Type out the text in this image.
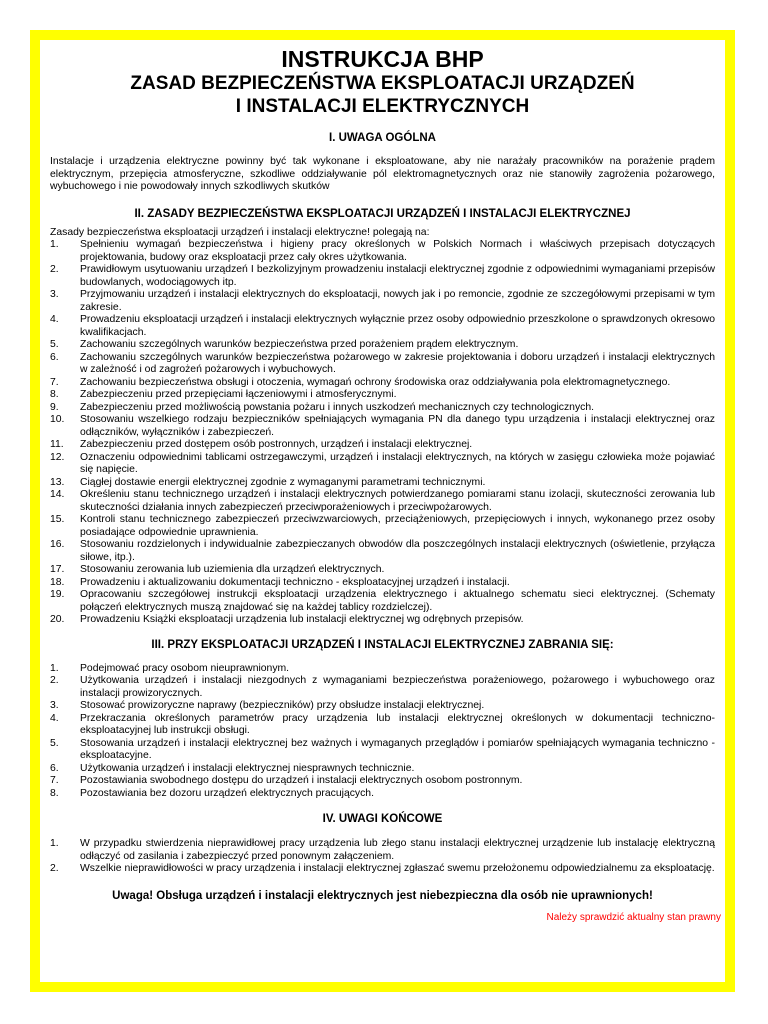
INSTRUKCJA BHP
ZASAD BEZPIECZEŃSTWA EKSPLOATACJI URZĄDZEŃ
I INSTALACJI ELEKTRYCZNYCH
I. UWAGA OGÓLNA
Instalacje i urządzenia elektryczne powinny być tak wykonane i eksploatowane, aby nie narażały pracowników na porażenie prądem elektrycznym, przepięcia atmosferyczne, szkodliwe oddziaływanie pól elektromagnetycznych oraz nie stanowiły zagrożenia pożarowego, wybuchowego i nie powodowały innych szkodliwych skutków
II. ZASADY BEZPIECZEŃSTWA EKSPLOATACJI URZĄDZEŃ I INSTALACJI ELEKTRYCZNEJ
Zasady bezpieczeństwa eksploatacji urządzeń i instalacji elektryczne! polegają na:
1. Spełnieniu wymagań bezpieczeństwa i higieny pracy określonych w Polskich Normach i właściwych przepisach dotyczących projektowania, budowy oraz eksploatacji przez cały okres użytkowania.
2. Prawidłowym usytuowaniu urządzeń I bezkolizyjnym prowadzeniu instalacji elektrycznej zgodnie z odpowiednimi wymaganiami przepisów budowlanych, wodociągowych itp.
3. Przyjmowaniu urządzeń i instalacji elektrycznych do eksploatacji, nowych jak i po remoncie, zgodnie ze szczegółowymi przepisami w tym zakresie.
4. Prowadzeniu eksploatacji urządzeń i instalacji elektrycznych wyłącznie przez osoby odpowiednio przeszkolone o sprawdzonych okresowo kwalifikacjach.
5. Zachowaniu szczególnych warunków bezpieczeństwa przed porażeniem prądem elektrycznym.
6. Zachowaniu szczególnych warunków bezpieczeństwa pożarowego w zakresie projektowania i doboru urządzeń i instalacji elektrycznych w zależność i od zagrożeń pożarowych i wybuchowych.
7. Zachowaniu bezpieczeństwa obsługi i otoczenia, wymagań ochrony środowiska oraz oddziaływania pola elektromagnetycznego.
8. Zabezpieczeniu przed przepięciami łączeniowymi i atmosferycznymi.
9. Zabezpieczeniu przed możliwością powstania pożaru i innych uszkodzeń mechanicznych czy technologicznych.
10. Stosowaniu wszelkiego rodzaju bezpieczników spełniających wymagania PN dla danego typu urządzenia i instalacji elektrycznej oraz odłączników, wyłączników i zabezpieczeń.
11. Zabezpieczeniu przed dostępem osób postronnych, urządzeń i instalacji elektrycznej.
12. Oznaczeniu odpowiednimi tablicami ostrzegawczymi, urządzeń i instalacji elektrycznych, na których w zasięgu człowieka może pojawiać się napięcie.
13. Ciągłej dostawie energii elektrycznej zgodnie z wymaganymi parametrami technicznymi.
14. Określeniu stanu technicznego urządzeń i instalacji elektrycznych potwierdzanego pomiarami stanu izolacji, skuteczności zerowania lub skuteczności działania innych zabezpieczeń przeciwporażeniowych i przeciwpożarowych.
15. Kontroli stanu technicznego zabezpieczeń przeciwzwarciowych, przeciążeniowych, przepięciowych i innych, wykonanego przez osoby posiadające odpowiednie uprawnienia.
16. Stosowaniu rozdzielonych i indywidualnie zabezpieczanych obwodów dla poszczególnych instalacji elektrycznych (oświetlenie, przyłącza siłowe, itp.).
17. Stosowaniu zerowania lub uziemienia dla urządzeń elektrycznych.
18. Prowadzeniu i aktualizowaniu dokumentacji techniczno - eksploatacyjnej urządzeń i instalacji.
19. Opracowaniu szczegółowej instrukcji eksploatacji urządzenia elektrycznego i aktualnego schematu sieci elektrycznej. (Schematy połączeń elektrycznych muszą znajdować się na każdej tablicy rozdzielczej).
20. Prowadzeniu Książki eksploatacji urządzenia lub instalacji elektrycznej wg odrębnych przepisów.
III. PRZY EKSPLOATACJI URZĄDZEŃ I INSTALACJI ELEKTRYCZNEJ ZABRANIA SIĘ:
1. Podejmować pracy osobom nieuprawnionym.
2. Użytkowania urządzeń i instalacji niezgodnych z wymaganiami bezpieczeństwa porażeniowego, pożarowego i wybuchowego oraz instalacji prowizorycznych.
3. Stosować prowizoryczne naprawy (bezpieczników) przy obsłudze instalacji elektrycznej.
4. Przekraczania określonych parametrów pracy urządzenia lub instalacji elektrycznej określonych w dokumentacji techniczno-eksploatacyjnej lub instrukcji obsługi.
5. Stosowania urządzeń i instalacji elektrycznej bez ważnych i wymaganych przeglądów i pomiarów spełniających wymagania techniczno - eksploatacyjne.
6. Użytkowania urządzeń i instalacji elektrycznej niesprawnych technicznie.
7. Pozostawiania swobodnego dostępu do urządzeń i instalacji elektrycznych osobom postronnym.
8. Pozostawiania bez dozoru urządzeń elektrycznych pracujących.
IV. UWAGI KOŃCOWE
1. W przypadku stwierdzenia nieprawidłowej pracy urządzenia lub złego stanu instalacji elektrycznej urządzenie lub instalację elektryczną odłączyć od zasilania i zabezpieczyć przed ponownym załączeniem.
2. Wszelkie nieprawidłowości w pracy urządzenia i instalacji elektrycznej zgłaszać swemu przełożonemu odpowiedzialnemu za eksploatację.
Uwaga! Obsługa urządzeń i instalacji elektrycznych jest niebezpieczna dla osób nie uprawnionych!
Należy sprawdzić aktualny stan prawny
